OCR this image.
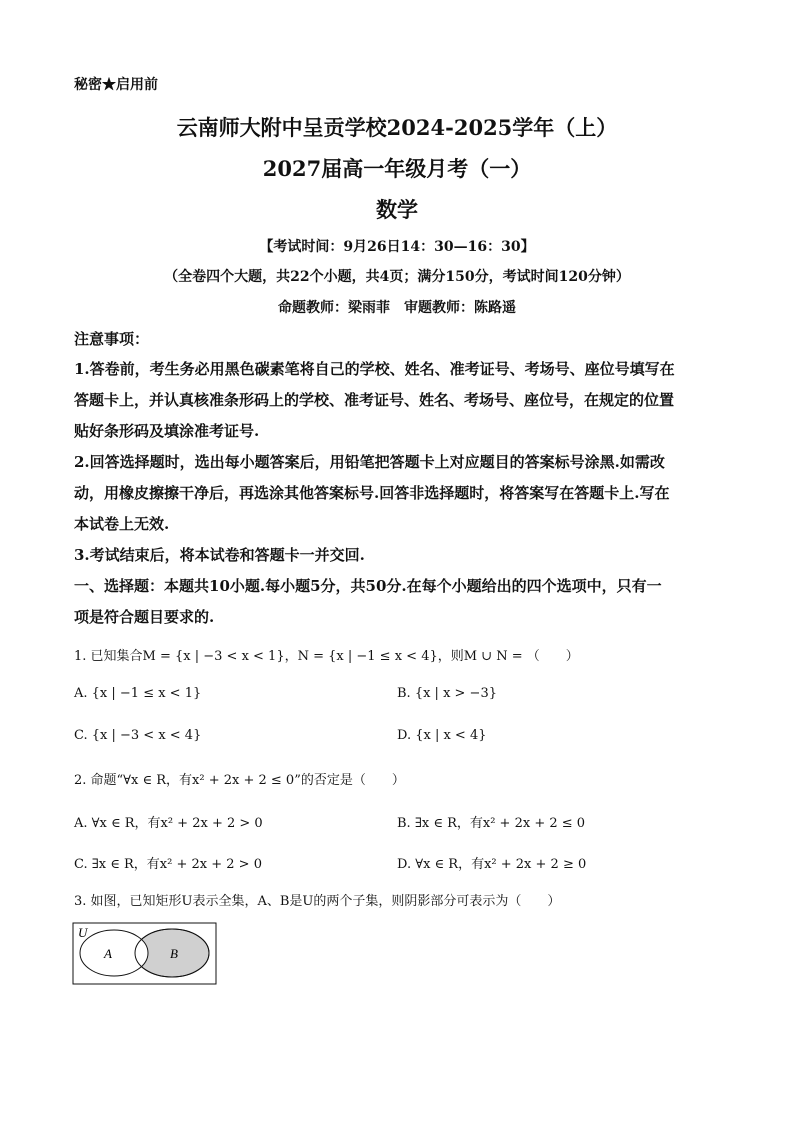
秘密★启用前
云南师大附中呈贡学校2024-2025学年（上）
2027届高一年级月考（一）
数学
【考试时间：9月26日14：30—16：30】
（全卷四个大题，共22个小题，共4页；满分150分，考试时间120分钟）
命题教师：梁雨菲　审题教师：陈路遥
注意事项：
1.答卷前，考生务必用黑色碳素笔将自己的学校、姓名、准考证号、考场号、座位号填写在
答题卡上，并认真核准条形码上的学校、准考证号、姓名、考场号、座位号，在规定的位置
贴好条形码及填涂准考证号.
2.回答选择题时，选出每小题答案后，用铅笔把答题卡上对应题目的答案标号涂黑.如需改
动，用橡皮擦擦干净后，再选涂其他答案标号.回答非选择题时，将答案写在答题卡上.写在
本试卷上无效.
3.考试结束后，将本试卷和答题卡一并交回.
一、选择题：本题共10小题.每小题5分，共50分.在每个小题给出的四个选项中，只有一
项是符合题目要求的.
1. 已知集合M = {x | −3 < x < 1}，N = {x | −1 ≤ x < 4}，则M ∪ N = （　　）
A. {x | −1 ≤ x < 1}	B. {x | x > −3}
C. {x | −3 < x < 4}	D. {x | x < 4}
2. 命题“∀x ∈ R，有x² + 2x + 2 ≤ 0”的否定是（　　）
A. ∀x ∈ R，有x² + 2x + 2 > 0	B. ∃x ∈ R，有x² + 2x + 2 ≤ 0
C. ∃x ∈ R，有x² + 2x + 2 > 0	D. ∀x ∈ R，有x² + 2x + 2 ≥ 0
3. 如图，已知矩形U表示全集，A、B是U的两个子集，则阴影部分可表示为（　　）
U
A	B
